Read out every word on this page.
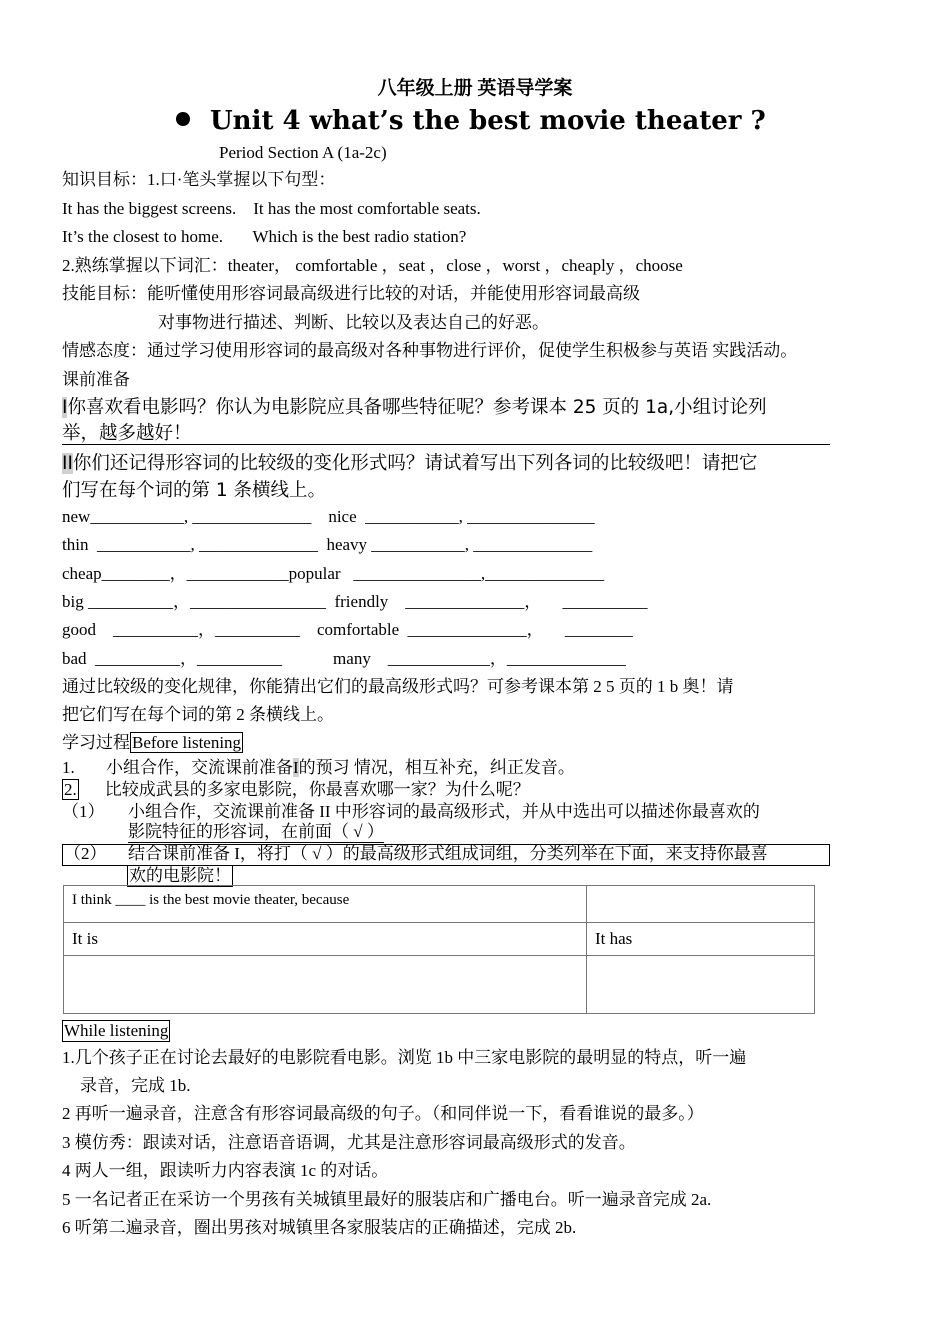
八年级上册 英语导学案
Unit 4 what’s the best movie theater ?
Period Section A (1a-2c)
知识目标：1.口·笔头掌握以下句型：
It has the biggest screens.    It has the most comfortable seats.
It’s the closest to home.       Which is the best radio station?
2.熟练掌握以下词汇：theater， comfortable ，seat ，close ，worst ，cheaply ，choose
技能目标：能听懂使用形容词最高级进行比较的对话，并能使用形容词最高级
对事物进行描述、判断、比较以及表达自己的好恶。
情感态度：通过学习使用形容词的最高级对各种事物进行评价，促使学生积极参与英语 实践活动。
课前准备
I你喜欢看电影吗？你认为电影院应具备哪些特征呢？参考课本 25 页的 1a,小组讨论列
举，越多越好！
II你们还记得形容词的比较级的变化形式吗？请试着写出下列各词的比较级吧！请把它
们写在每个词的第 1 条横线上。
new___________, ______________    nice  ___________, _______________
thin  ___________, ______________  heavy ___________, ______________
cheap________，____________popular   _______________,______________
big __________，________________  friendly    ______________，     __________
good    __________，__________    comfortable  ______________，     ________
bad  __________，__________            many    ____________，______________
通过比较级的变化规律，你能猜出它们的最高级形式吗？可参考课本第 2 5 页的 1 b 奥！请
把它们写在每个词的第 2 条横线上。
学习过程 Before listening
1. 小组合作，交流课前准备I的预习 情况，相互补充，纠正发音。
2. 比较成武县的多家电影院，你最喜欢哪一家？为什么呢？
（1） 小组合作，交流课前准备 II 中形容词的最高级形式，并从中选出可以描述你最喜欢的
影院特征的形容词，在前面（ √ ）
（2） 结合课前准备 I，将打（ √ ）的最高级形式组成词组，分类列举在下面，来支持你最喜
欢的电影院！
I think ____ is the best movie theater, because	
It is	It has

While listening
1.几个孩子正在讨论去最好的电影院看电影。浏览 1b 中三家电影院的最明显的特点，听一遍
录音，完成 1b.
2 再听一遍录音，注意含有形容词最高级的句子。（和同伴说一下，看看谁说的最多。）
3 模仿秀：跟读对话，注意语音语调，尤其是注意形容词最高级形式的发音。
4 两人一组，跟读听力内容表演 1c 的对话。
5 一名记者正在采访一个男孩有关城镇里最好的服装店和广播电台。听一遍录音完成 2a.
6 听第二遍录音，圈出男孩对城镇里各家服装店的正确描述，完成 2b.
